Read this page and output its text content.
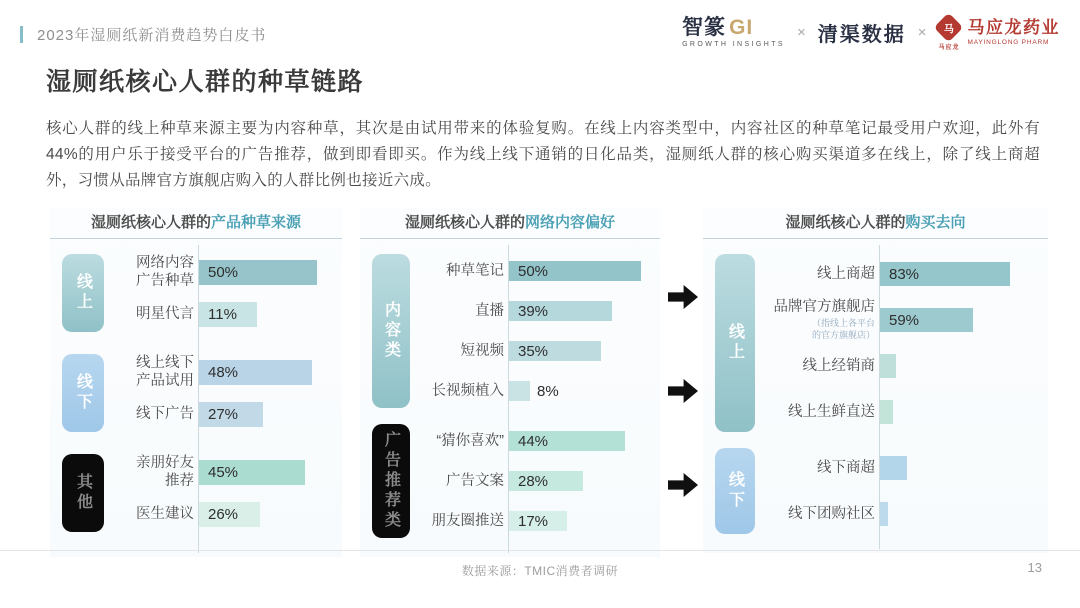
2023年湿厕纸新消费趋势白皮书	智篆 GI
GROWTH INSIGHTS
× 清渠数据 × 马
马应龙
马应龙药业
MAYINGLONG PHARM
湿厕纸核心人群的种草链路

核心人群的线上种草来源主要为内容种草，其次是由试用带来的体验复购。在线上内容类型中，内容社区的种草笔记最受用户欢迎，此外有44%的用户乐于接受平台的广告推荐，做到即看即买。作为线上线下通销的日化品类，湿厕纸人群的核心购买渠道多在线上，除了线上商超外，习惯从品牌官方旗舰店购入的人群比例也接近六成。

湿厕纸核心人群的产品种草来源
线上
网络内容
广告种草
50%
明星代言 11%
线下
线上线下
产品试用
48%
线下广告 27%
其他
亲朋好友
推荐
45%
医生建议 26%
湿厕纸核心人群的网络内容偏好
内容类
种草笔记 50%
直播 39%
短视频 35%
长视频植入	8%
广告推荐类	“猜你喜欢” 44%
广告文案 28%
朋友圈推送 17%
湿厕纸核心人群的购买去向
线上
线上商超 83%
品牌官方旗舰店
（指线上各平台
的官方旗舰店）
59%
线上经销商
线上生鲜直送
线下
线下商超
线下团购社区
数据来源：TMIC消费者调研	13
